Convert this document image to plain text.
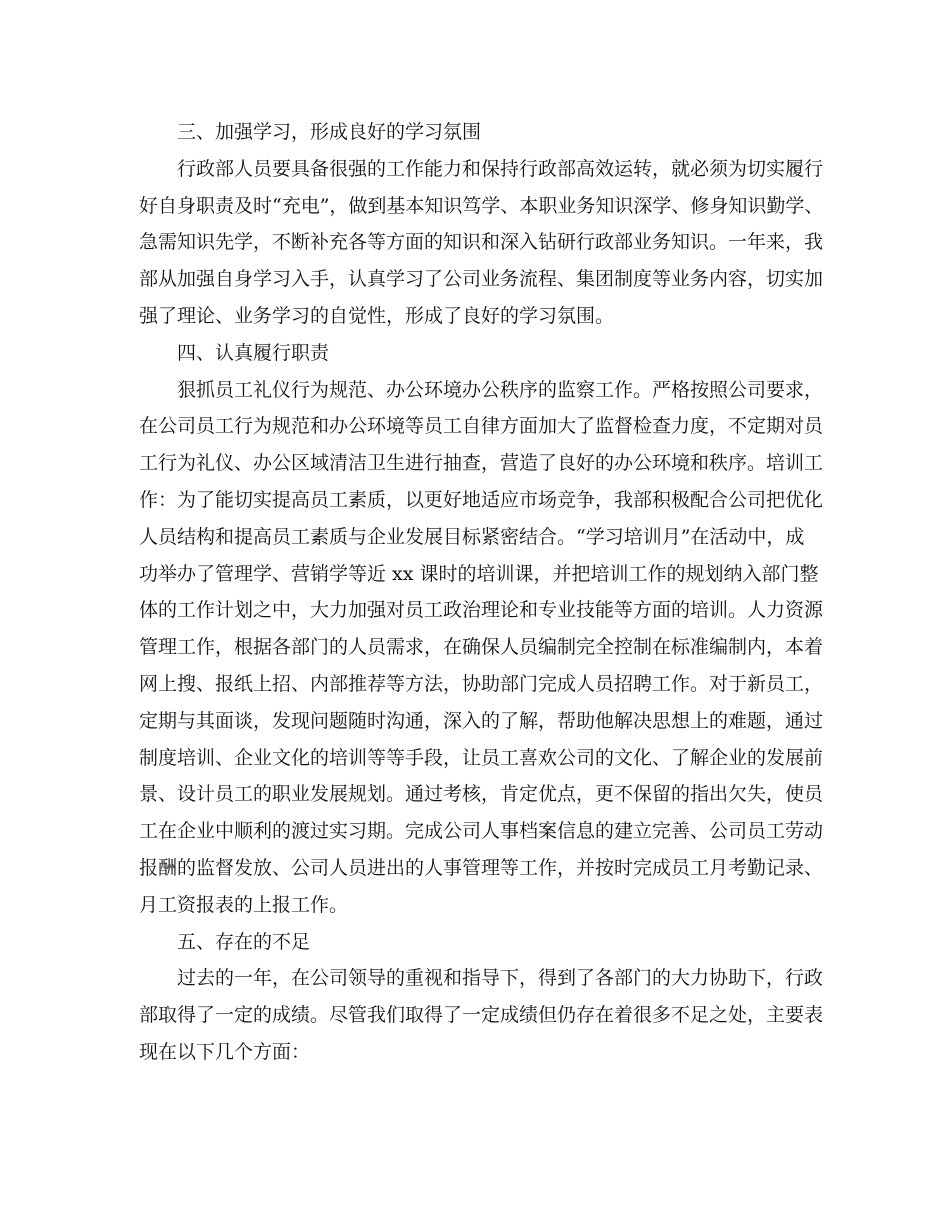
三、加强学习，形成良好的学习氛围
行政部人员要具备很强的工作能力和保持行政部高效运转，就必须为切实履行
好自身职责及时“充电”，做到基本知识笃学、本职业务知识深学、修身知识勤学、
急需知识先学，不断补充各等方面的知识和深入钻研行政部业务知识。一年来，我
部从加强自身学习入手，认真学习了公司业务流程、集团制度等业务内容，切实加
强了理论、业务学习的自觉性，形成了良好的学习氛围。
四、认真履行职责
狠抓员工礼仪行为规范、办公环境办公秩序的监察工作。严格按照公司要求，
在公司员工行为规范和办公环境等员工自律方面加大了监督检查力度，不定期对员
工行为礼仪、办公区域清洁卫生进行抽查，营造了良好的办公环境和秩序。培训工
作：为了能切实提高员工素质，以更好地适应市场竞争，我部积极配合公司把优化
人员结构和提高员工素质与企业发展目标紧密结合。“学习培训月”在活动中，成
功举办了管理学、营销学等近 xx 课时的培训课，并把培训工作的规划纳入部门整
体的工作计划之中，大力加强对员工政治理论和专业技能等方面的培训。人力资源
管理工作，根据各部门的人员需求，在确保人员编制完全控制在标准编制内，本着
网上搜、报纸上招、内部推荐等方法，协助部门完成人员招聘工作。对于新员工，
定期与其面谈，发现问题随时沟通，深入的了解，帮助他解决思想上的难题，通过
制度培训、企业文化的培训等等手段，让员工喜欢公司的文化、了解企业的发展前
景、设计员工的职业发展规划。通过考核，肯定优点，更不保留的指出欠失，使员
工在企业中顺利的渡过实习期。完成公司人事档案信息的建立完善、公司员工劳动
报酬的监督发放、公司人员进出的人事管理等工作，并按时完成员工月考勤记录、
月工资报表的上报工作。
五、存在的不足
过去的一年，在公司领导的重视和指导下，得到了各部门的大力协助下，行政
部取得了一定的成绩。尽管我们取得了一定成绩但仍存在着很多不足之处，主要表
现在以下几个方面：
